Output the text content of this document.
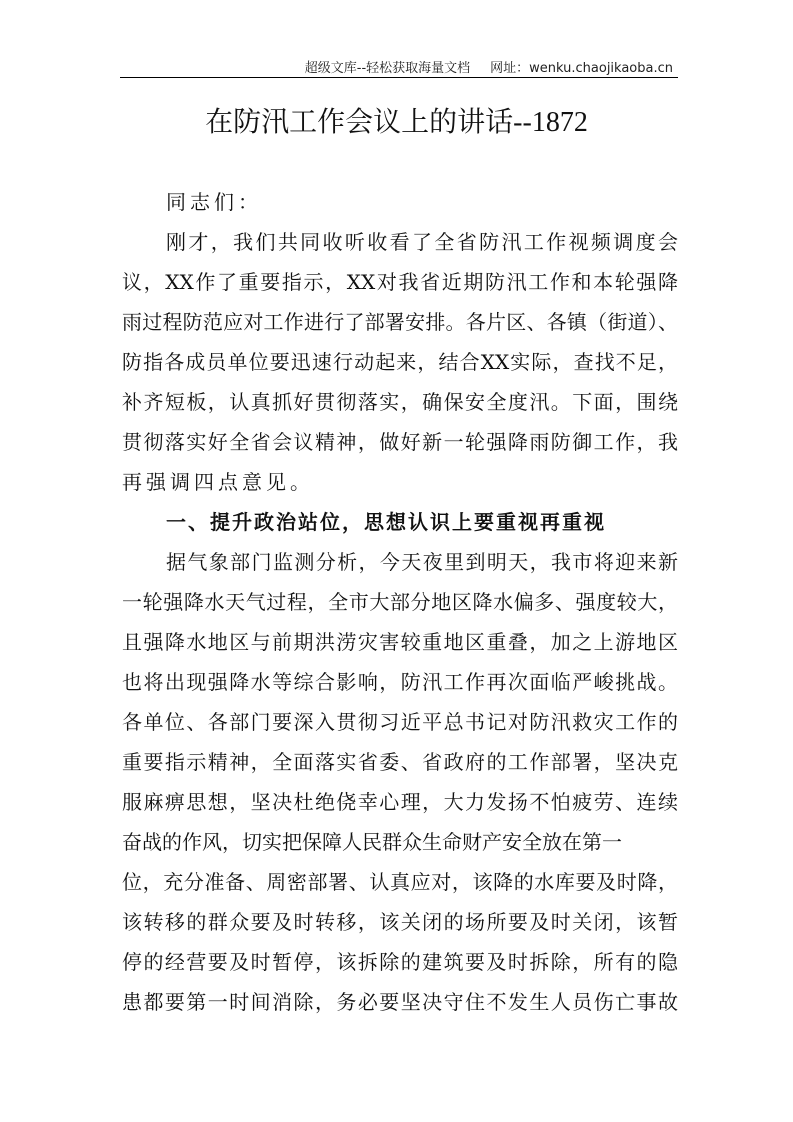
超级文库--轻松获取海量文档 网址：wenku.chaojikaoba.cn
在防汛工作会议上的讲话--1872
同志们：
刚才，我们共同收听收看了全省防汛工作视频调度会
议，XX作了重要指示，XX对我省近期防汛工作和本轮强降
雨过程防范应对工作进行了部署安排。各片区、各镇（街道）、
防指各成员单位要迅速行动起来，结合XX实际，查找不足，
补齐短板，认真抓好贯彻落实，确保安全度汛。下面，围绕
贯彻落实好全省会议精神，做好新一轮强降雨防御工作，我
再强调四点意见。
一、提升政治站位，思想认识上要重视再重视
据气象部门监测分析，今天夜里到明天，我市将迎来新
一轮强降水天气过程，全市大部分地区降水偏多、强度较大，
且强降水地区与前期洪涝灾害较重地区重叠，加之上游地区
也将出现强降水等综合影响，防汛工作再次面临严峻挑战。
各单位、各部门要深入贯彻习近平总书记对防汛救灾工作的
重要指示精神，全面落实省委、省政府的工作部署，坚决克
服麻痹思想，坚决杜绝侥幸心理，大力发扬不怕疲劳、连续
奋战的作风，切实把保障人民群众生命财产安全放在第一
位，充分准备、周密部署、认真应对，该降的水库要及时降，
该转移的群众要及时转移，该关闭的场所要及时关闭，该暂
停的经营要及时暂停，该拆除的建筑要及时拆除，所有的隐
患都要第一时间消除，务必要坚决守住不发生人员伤亡事故
